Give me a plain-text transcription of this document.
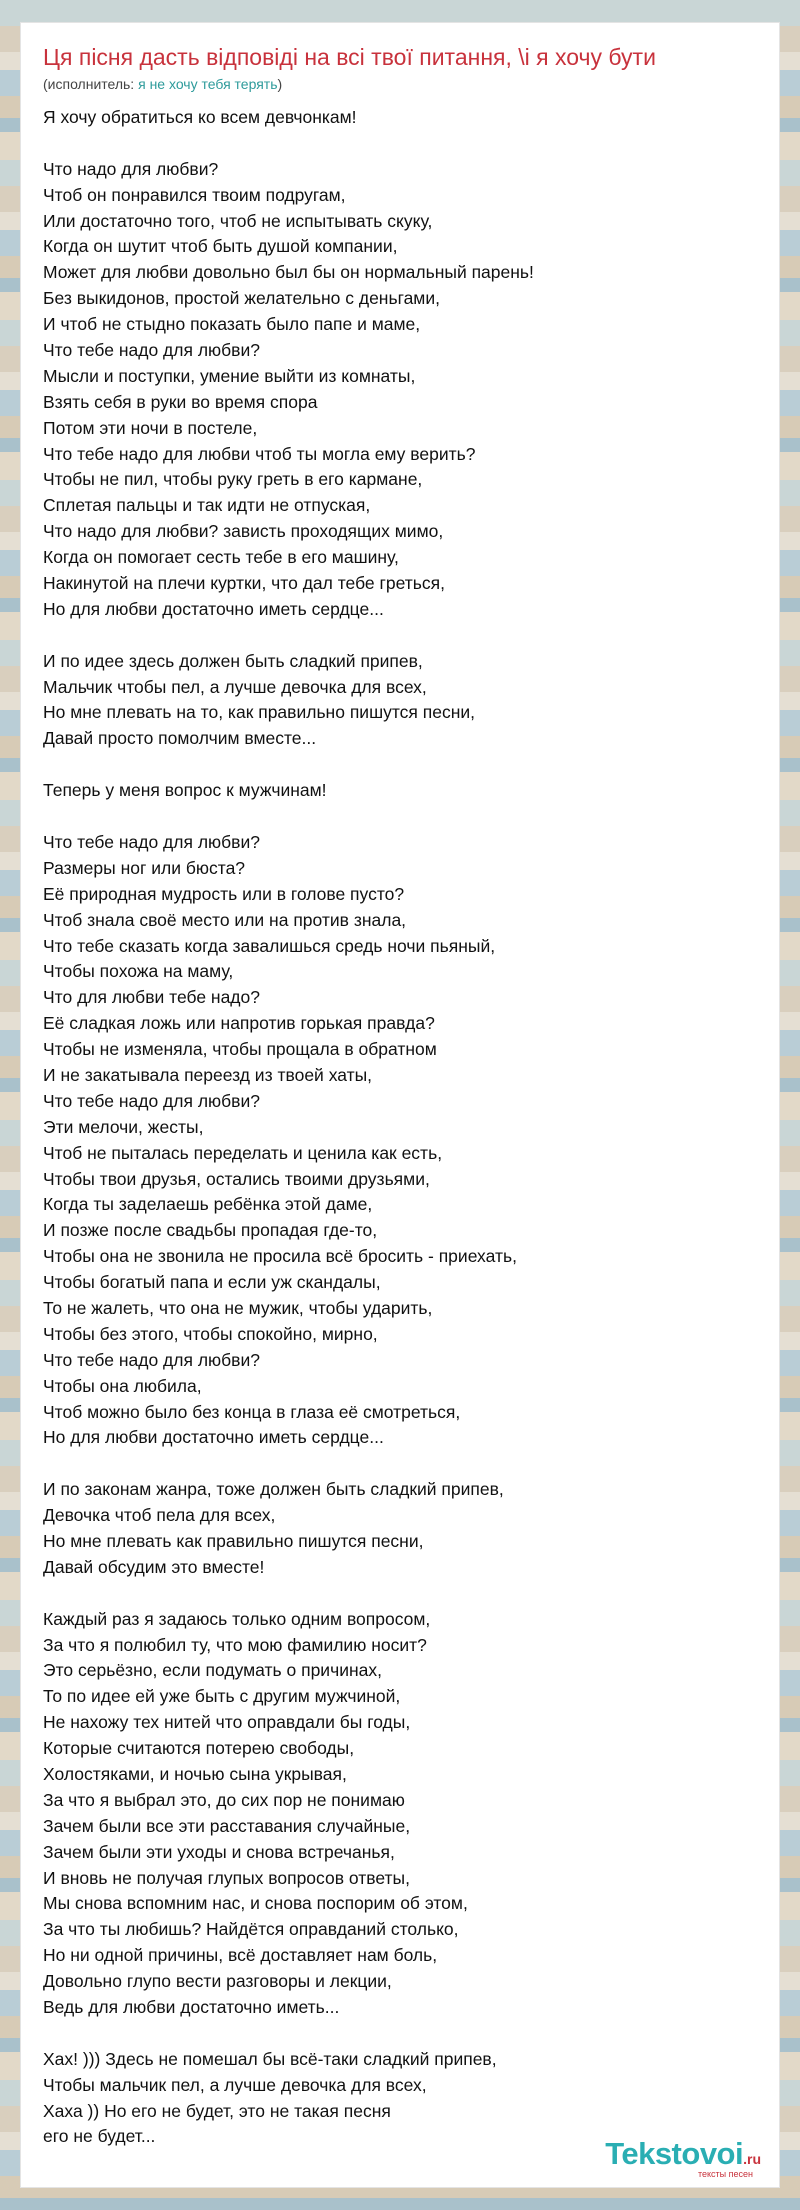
Ця пісня дасть відповіді на всі твої питання, \і я хочу бути
(исполнитель: я не хочу тебя терять)
Я хочу обратиться ко всем девчонкам!
Что надо для любви?
Чтоб он понравился твоим подругам,
Или достаточно того, чтоб не испытывать скуку,
Когда он шутит чтоб быть душой компании,
Может для любви довольно был бы он нормальный парень!
Без выкидонов, простой желательно с деньгами,
И чтоб не стыдно показать было папе и маме,
Что тебе надо для любви?
Мысли и поступки, умение выйти из комнаты,
Взять себя в руки во время спора
Потом эти ночи в постеле,
Что тебе надо для любви чтоб ты могла ему верить?
Чтобы не пил, чтобы руку греть в его кармане,
Сплетая пальцы и так идти не отпуская,
Что надо для любви? зависть проходящих мимо,
Когда он помогает сесть тебе в его машину,
Накинутой на плечи куртки, что дал тебе греться,
Но для любви достаточно иметь сердце...
И по идее здесь должен быть сладкий припев,
Мальчик чтобы пел, а лучше девочка для всех,
Но мне плевать на то, как правильно пишутся песни,
Давай просто помолчим вместе...
Теперь у меня вопрос к мужчинам!
Что тебе надо для любви?
Размеры ног или бюста?
Её природная мудрость или в голове пусто?
Чтоб знала своё место или на против знала,
Что тебе сказать когда завалишься средь ночи пьяный,
Чтобы похожа на маму,
Что для любви тебе надо?
Её сладкая ложь или напротив горькая правда?
Чтобы не изменяла, чтобы прощала в обратном
И не закатывала переезд из твоей хаты,
Что тебе надо для любви?
Эти мелочи, жесты,
Чтоб не пыталась переделать и ценила как есть,
Чтобы твои друзья, остались твоими друзьями,
Когда ты заделаешь ребёнка этой даме,
И позже после свадьбы пропадая где-то,
Чтобы она не звонила не просила всё бросить - приехать,
Чтобы богатый папа и если уж скандалы,
То не жалеть, что она не мужик, чтобы ударить,
Чтобы без этого, чтобы спокойно, мирно,
Что тебе надо для любви?
Чтобы она любила,
Чтоб можно было без конца в глаза её смотреться,
Но для любви достаточно иметь сердце...
И по законам жанра, тоже должен быть сладкий припев,
Девочка чтоб пела для всех,
Но мне плевать как правильно пишутся песни,
Давай обсудим это вместе!
Каждый раз я задаюсь только одним вопросом,
За что я полюбил ту, что мою фамилию носит?
Это серьёзно, если подумать о причинах,
То по идее ей уже быть с другим мужчиной,
Не нахожу тех нитей что оправдали бы годы,
Которые считаются потерею свободы,
Холостяками, и ночью сына укрывая,
За что я выбрал это, до сих пор не понимаю
Зачем были все эти расставания случайные,
Зачем были эти уходы и снова встречанья,
И вновь не получая глупых вопросов ответы,
Мы снова вспомним нас, и снова поспорим об этом,
За что ты любишь? Найдётся оправданий столько,
Но ни одной причины, всё доставляет нам боль,
Довольно глупо вести разговоры и лекции,
Ведь для любви достаточно иметь...
Хах! ))) Здесь не помешал бы всё-таки сладкий припев,
Чтобы мальчик пел, а лучше девочка для всех,
Хаха )) Но его не будет, это не такая песня
его не будет...	Tekstovoi.ru
тексты песен
